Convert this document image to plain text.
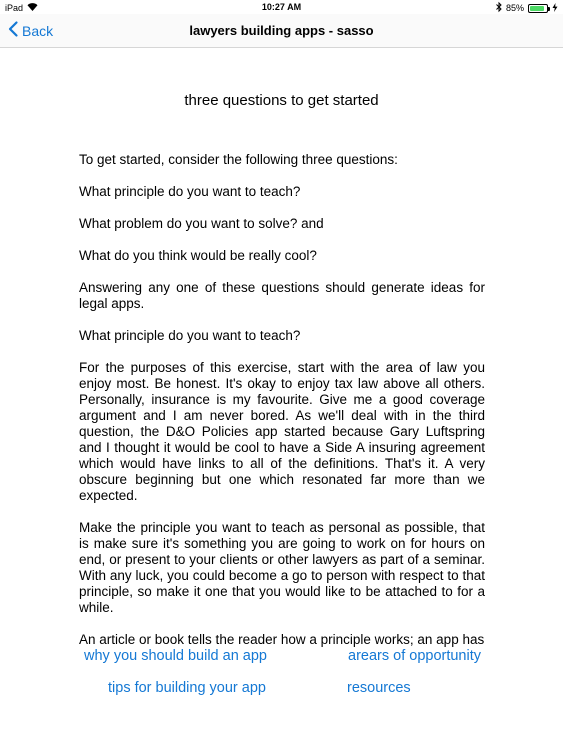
iPad	10:27 AM	85%
Back	lawyers building apps - sasso
three questions to get started

To get started, consider the following three questions:

What principle do you want to teach?

What problem do you want to solve? and

What do you think would be really cool?

Answering any one of these questions should generate ideas for legal apps.

What principle do you want to teach?

For the purposes of this exercise, start with the area of law you enjoy most. Be honest. It's okay to enjoy tax law above all others. Personally, insurance is my favourite. Give me a good coverage argument and I am never bored. As we'll deal with in the third question, the D&O Policies app started because Gary Luftspring and I thought it would be cool to have a Side A insuring agreement which would have links to all of the definitions. That's it. A very obscure beginning but one which resonated far more than we expected.

Make the principle you want to teach as personal as possible, that is make sure it's something you are going to work on for hours on end, or present to your clients or other lawyers as part of a seminar. With any luck, you could become a go to person with respect to that principle, so make it one that you would like to be attached to for a while.

An article or book tells the reader how a principle works; an app has

why you should build an app	arears of opportunity
tips for building your app	resources
